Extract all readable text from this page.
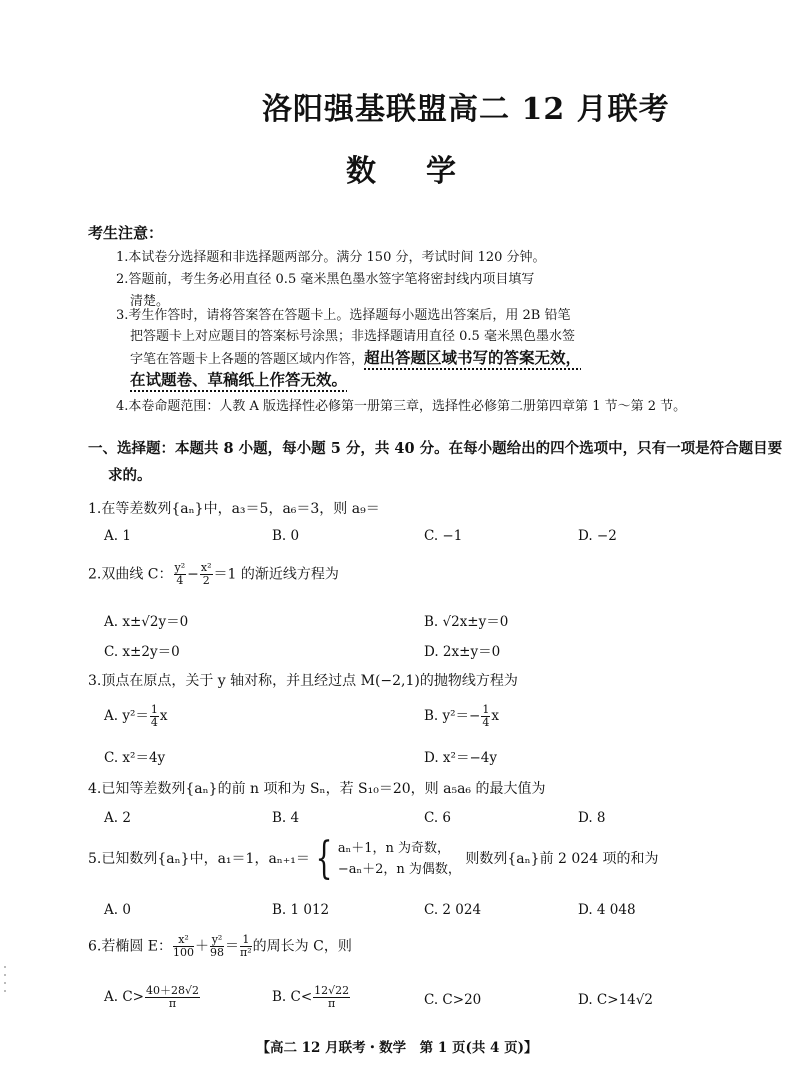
洛阳强基联盟高二 12 月联考
数学
考生注意：
1.本试卷分选择题和非选择题两部分。满分 150 分，考试时间 120 分钟。
2.答题前，考生务必用直径 0.5 毫米黑色墨水签字笔将密封线内项目填写
清楚。
3.考生作答时，请将答案答在答题卡上。选择题每小题选出答案后，用 2B 铅笔
把答题卡上对应题目的答案标号涂黑；非选择题请用直径 0.5 毫米黑色墨水签
字笔在答题卡上各题的答题区域内作答，超出答题区域书写的答案无效，
在试题卷、草稿纸上作答无效。
4.本卷命题范围：人教 A 版选择性必修第一册第三章，选择性必修第二册第四章第 1 节～第 2 节。
一、选择题：本题共 8 小题，每小题 5 分，共 40 分。在每小题给出的四个选项中，只有一项是符合题目要
求的。
1.在等差数列{aₙ}中，a₃＝5，a₆＝3，则 a₉＝
A. 1	B. 0	C. −1	D. −2
2.双曲线 C： $\frac{\text{y²}}{4} - \frac{\text{x²}}{2} =1$ 的渐近线方程为
A. x±√2y＝0	B. √2x±y＝0
C. x±2y＝0	D. 2x±y＝0
3.顶点在原点，关于 y 轴对称，并且经过点 M(−2,1)的抛物线方程为
A. $y^2= \frac{1}{4}$ x	B. $y^2=- \frac{1}{4}$ x
C. x²＝4y	D. x²＝−4y
4.已知等差数列{aₙ}的前 n 项和为 Sₙ，若 S₁₀＝20，则 a₅a₆ 的最大值为
A. 2	B. 4	C. 6	D. 8
5.已知数列{aₙ}中，a₁＝1，aₙ₊₁＝ { aₙ＋1，n 为奇数，
−aₙ＋2，n 为偶数，
则数列{aₙ}前 2 024 项的和为
A. 0	B. 1 012	C. 2 024	D. 4 048
6.若椭圆 E： $\frac{\text{x²}}{100} + \frac{\text{y²}}{98} = \frac{1}{\text{π²}}$ 的周长为 C，则
A. $C> \frac{40+28√2}{\pi}$	B. $C< \frac{12√22}{\pi}$	C. C>20	D. C>14√2
【高二 12 月联考・数学　第 1 页(共 4 页)】
